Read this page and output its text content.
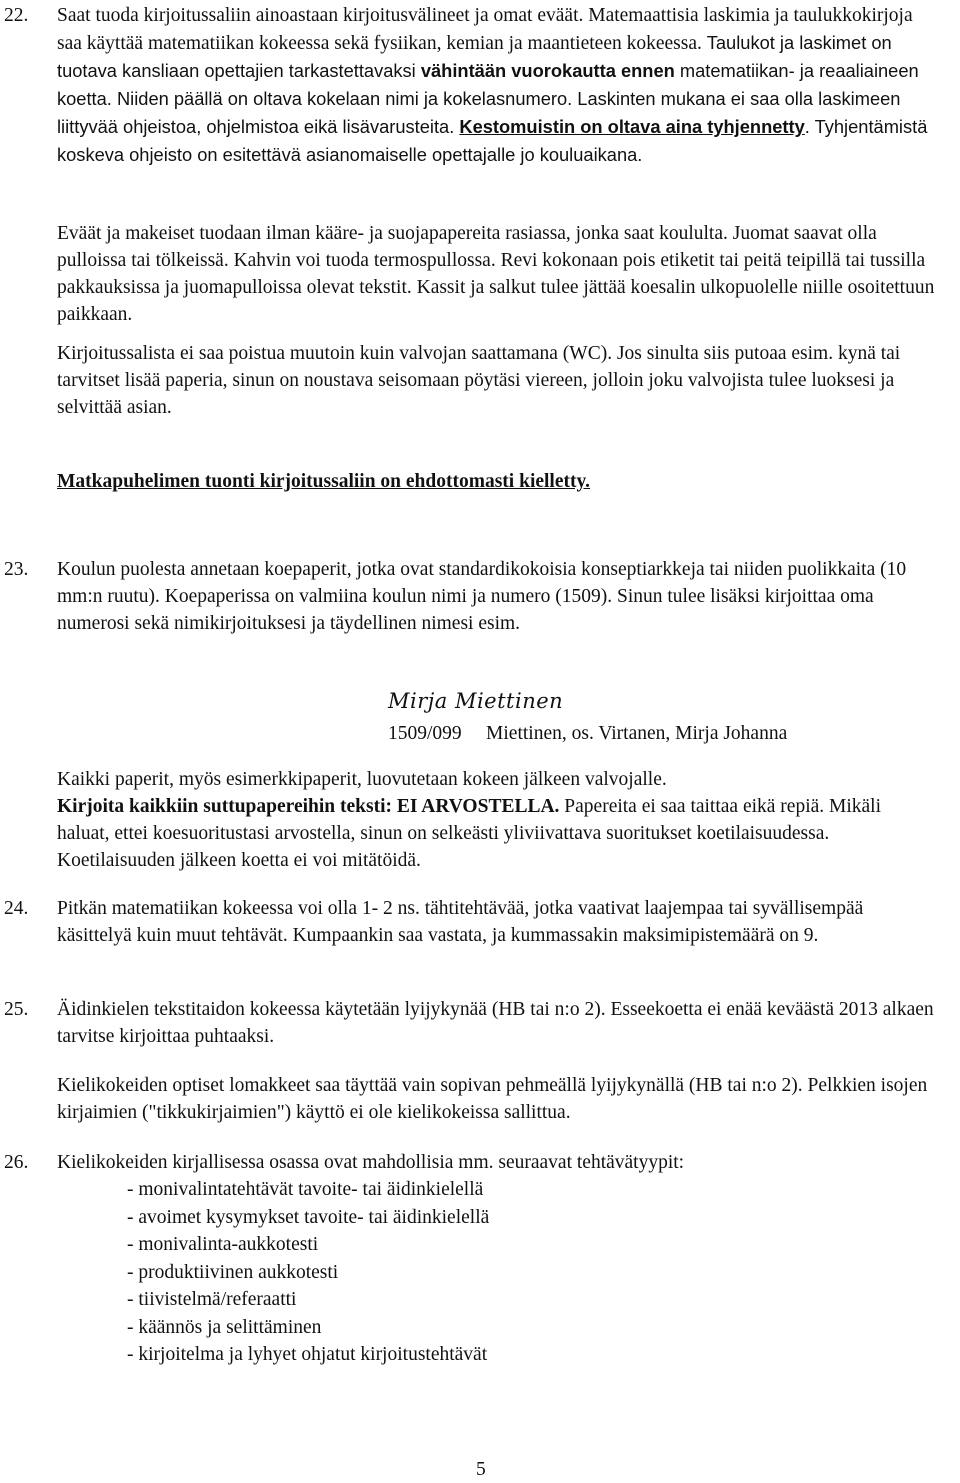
22. Saat tuoda kirjoitussaliin ainoastaan kirjoitusvälineet ja omat eväät. Matemaattisia laskimia ja taulukkokirjoja saa käyttää matematiikan kokeessa sekä fysiikan, kemian ja maantieteen kokeessa. Taulukot ja laskimet on tuotava kansliaan opettajien tarkastettavaksi vähintään vuorokautta ennen matematiikan- ja reaaliaineen koetta. Niiden päällä on oltava kokelaan nimi ja kokelasnumero. Laskinten mukana ei saa olla laskimeen liittyvää ohjeistoa, ohjelmistoa eikä lisävarusteita. Kestomuistin on oltava aina tyhjennetty. Tyhjentämistä koskeva ohjeisto on esitettävä asianomaiselle opettajalle jo kouluaikana.

Eväät ja makeiset tuodaan ilman kääre- ja suojapapereita rasiassa, jonka saat koululta. Juomat saavat olla pulloissa tai tölkeissä. Kahvin voi tuoda termospullossa. Revi kokonaan pois etiketit tai peitä teipillä tai tussilla pakkauksissa ja juomapulloissa olevat tekstit. Kassit ja salkut tulee jättää koesalin ulkopuolelle niille osoitettuun paikkaan.

Kirjoitussalista ei saa poistua muutoin kuin valvojan saattamana (WC). Jos sinulta siis putoaa esim. kynä tai tarvitset lisää paperia, sinun on noustava seisomaan pöytäsi viereen, jolloin joku valvojista tulee luoksesi ja selvittää asian.

Matkapuhelimen tuonti kirjoitussaliin on ehdottomasti kielletty.

23. Koulun puolesta annetaan koepaperit, jotka ovat standardikokoisia konseptiarkkeja tai niiden puolikkaita (10 mm:n ruutu). Koepaperissa on valmiina koulun nimi ja numero (1509). Sinun tulee lisäksi kirjoittaa oma numerosi sekä nimikirjoituksesi ja täydellinen nimesi esim.

Mirja Miettinen
1509/099     Miettinen, os. Virtanen, Mirja Johanna

Kaikki paperit, myös esimerkkipaperit, luovutetaan kokeen jälkeen valvojalle.
Kirjoita kaikkiin suttupapereihin teksti: EI ARVOSTELLA. Papereita ei saa taittaa eikä repiä. Mikäli haluat, ettei koesuoritustasi arvostella, sinun on selkeästi yliviivattava suoritukset koetilaisuudessa. Koetilaisuuden jälkeen koetta ei voi mitätöidä.

24. Pitkän matematiikan kokeessa voi olla 1- 2 ns. tähtitehtävää, jotka vaativat laajempaa tai syvällisempää käsittelyä kuin muut tehtävät. Kumpaankin saa vastata, ja kummassakin maksimipistemäärä on 9.

25. Äidinkielen tekstitaidon kokeessa käytetään lyijykynää (HB tai n:o 2). Esseekoetta ei enää keväästä 2013 alkaen tarvitse kirjoittaa puhtaaksi.

Kielikokeiden optiset lomakkeet saa täyttää vain sopivan pehmeällä lyijykynällä (HB tai n:o 2). Pelkkien isojen kirjaimien ("tikkukirjaimien") käyttö ei ole kielikokeissa sallittua.

26. Kielikokeiden kirjallisessa osassa ovat mahdollisia mm. seuraavat tehtävätyypit:

- monivalintatehtävät tavoite- tai äidinkielellä
- avoimet kysymykset tavoite- tai äidinkielellä
- monivalinta-aukkotesti
- produktiivinen aukkotesti
- tiivistelmä/referaatti
- käännös ja selittäminen
- kirjoitelma ja lyhyet ohjatut kirjoitustehtävät
5
